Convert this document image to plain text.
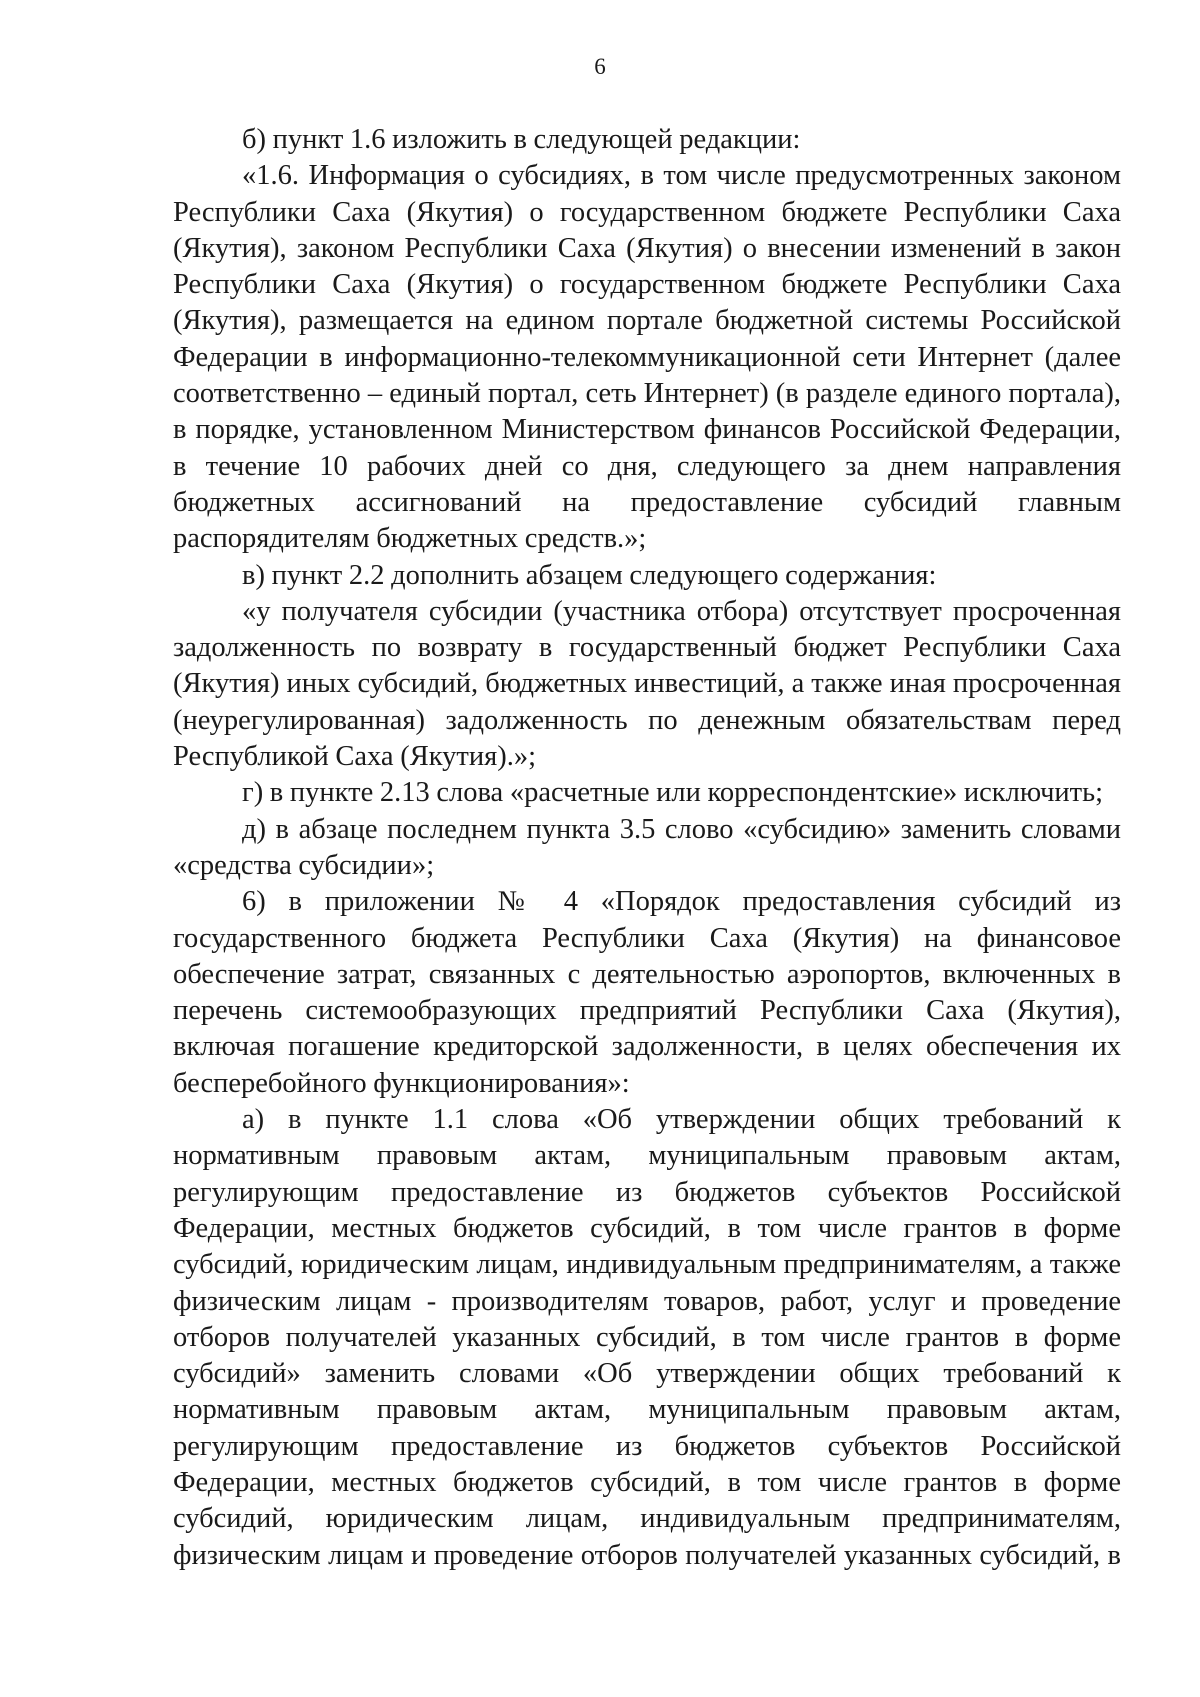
6

б) пункт 1.6 изложить в следующей редакции:

«1.6. Информация о субсидиях, в том числе предусмотренных законом Республики Саха (Якутия) о государственном бюджете Республики Саха (Якутия), законом Республики Саха (Якутия) о внесении изменений в закон Республики Саха (Якутия) о государственном бюджете Республики Саха (Якутия), размещается на едином портале бюджетной системы Российской Федерации в информационно-телекоммуникационной сети Интернет (далее соответственно – единый портал, сеть Интернет) (в разделе единого портала), в порядке, установленном Министерством финансов Российской Федерации, в течение 10 рабочих дней со дня, следующего за днем направления бюджетных ассигнований на предоставление субсидий главным распорядителям бюджетных средств.»;

в) пункт 2.2 дополнить абзацем следующего содержания:

«у получателя субсидии (участника отбора) отсутствует просроченная задолженность по возврату в государственный бюджет Республики Саха (Якутия) иных субсидий, бюджетных инвестиций, а также иная просроченная (неурегулированная) задолженность по денежным обязательствам перед Республикой Саха (Якутия).»;

г) в пункте 2.13 слова «расчетные или корреспондентские» исключить;

д) в абзаце последнем пункта 3.5 слово «субсидию» заменить словами «средства субсидии»;

6) в приложении № 4 «Порядок предоставления субсидий из государственного бюджета Республики Саха (Якутия) на финансовое обеспечение затрат, связанных с деятельностью аэропортов, включенных в перечень системообразующих предприятий Республики Саха (Якутия), включая погашение кредиторской задолженности, в целях обеспечения их бесперебойного функционирования»:

а) в пункте 1.1 слова «Об утверждении общих требований к нормативным правовым актам, муниципальным правовым актам, регулирующим предоставление из бюджетов субъектов Российской Федерации, местных бюджетов субсидий, в том числе грантов в форме субсидий, юридическим лицам, индивидуальным предпринимателям, а также физическим лицам - производителям товаров, работ, услуг и проведение отборов получателей указанных субсидий, в том числе грантов в форме субсидий» заменить словами «Об утверждении общих требований к нормативным правовым актам, муниципальным правовым актам, регулирующим предоставление из бюджетов субъектов Российской Федерации, местных бюджетов субсидий, в том числе грантов в форме субсидий, юридическим лицам, индивидуальным предпринимателям, физическим лицам и проведение отборов получателей указанных субсидий, в
